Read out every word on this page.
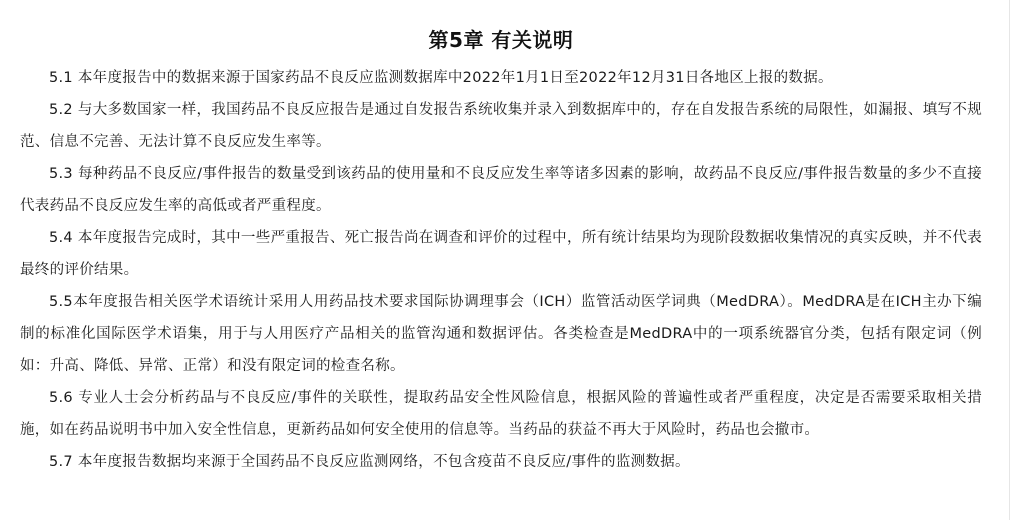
第5章 有关说明

5.1 本年度报告中的数据来源于国家药品不良反应监测数据库中2022年1月1日至2022年12月31日各地区上报的数据。

5.2 与大多数国家一样，我国药品不良反应报告是通过自发报告系统收集并录入到数据库中的，存在自发报告系统的局限性，如漏报、填写不规范、信息不完善、无法计算不良反应发生率等。

5.3 每种药品不良反应/事件报告的数量受到该药品的使用量和不良反应发生率等诸多因素的影响，故药品不良反应/事件报告数量的多少不直接代表药品不良反应发生率的高低或者严重程度。

5.4 本年度报告完成时，其中一些严重报告、死亡报告尚在调查和评价的过程中，所有统计结果均为现阶段数据收集情况的真实反映，并不代表最终的评价结果。

5.5本年度报告相关医学术语统计采用人用药品技术要求国际协调理事会（ICH）监管活动医学词典（MedDRA）。MedDRA是在ICH主办下编制的标准化国际医学术语集，用于与人用医疗产品相关的监管沟通和数据评估。各类检查是MedDRA中的一项系统器官分类，包括有限定词（例如：升高、降低、异常、正常）和没有限定词的检查名称。

5.6 专业人士会分析药品与不良反应/事件的关联性，提取药品安全性风险信息，根据风险的普遍性或者严重程度，决定是否需要采取相关措施，如在药品说明书中加入安全性信息，更新药品如何安全使用的信息等。当药品的获益不再大于风险时，药品也会撤市。

5.7 本年度报告数据均来源于全国药品不良反应监测网络，不包含疫苗不良反应/事件的监测数据。
